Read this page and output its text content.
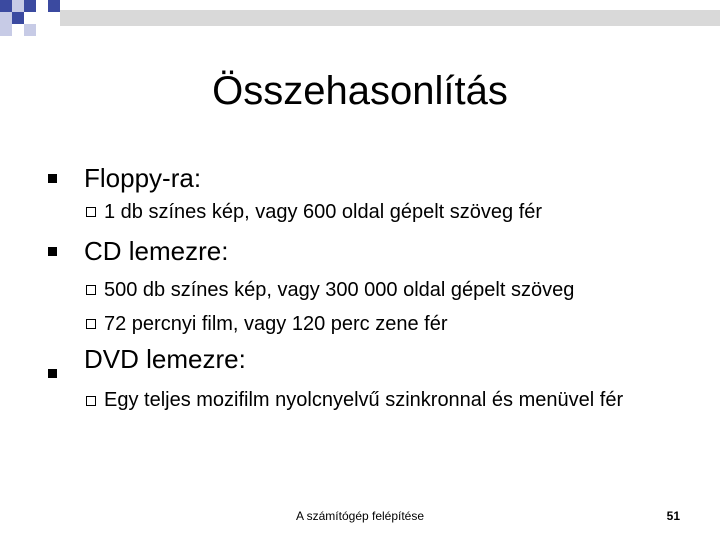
Összehasonlítás
Floppy-ra:
1 db színes kép, vagy 600 oldal gépelt szöveg fér
CD lemezre:
500 db színes kép, vagy 300 000 oldal gépelt szöveg
72 percnyi film, vagy 120 perc zene fér
DVD lemezre:
Egy teljes mozifilm nyolcnyelvű szinkronnal és menüvel fér
A számítógép felépítése	51
